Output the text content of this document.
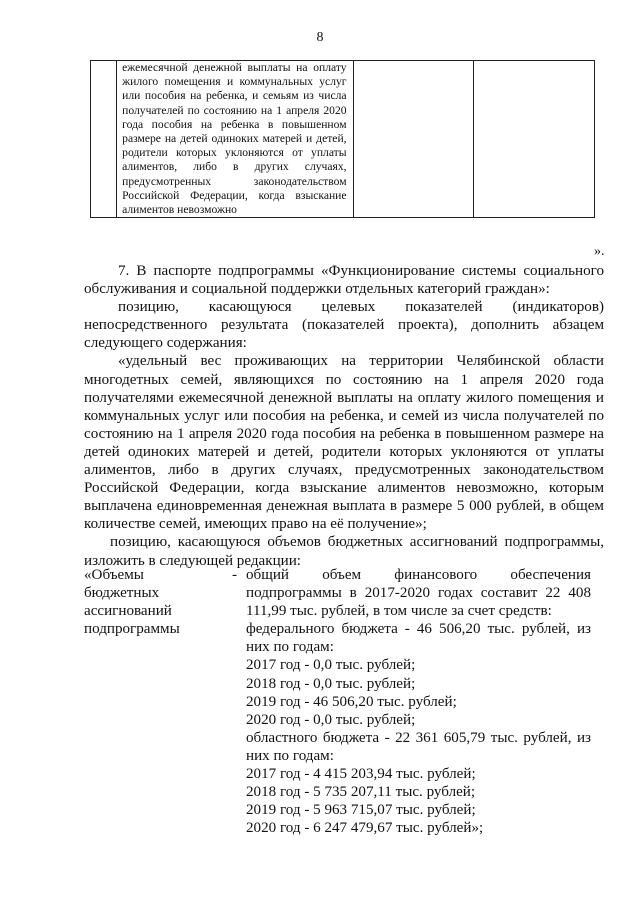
8

ежемесячной денежной выплаты на оплату жилого помещения и коммунальных услуг или пособия на ребенка, и семьям из числа получателей по состоянию на 1 апреля 2020 года пособия на ребенка в повышенном размере на детей одиноких матерей и детей, родители которых уклоняются от уплаты алиментов, либо в других случаях, предусмотренных законодательством Российской Федерации, когда взыскание алиментов невозможно

».

7. В паспорте подпрограммы «Функционирование системы социального обслуживания и социальной поддержки отдельных категорий граждан»:

позицию, касающуюся целевых показателей (индикаторов) непосредственного результата (показателей проекта), дополнить абзацем следующего содержания:

«удельный вес проживающих на территории Челябинской области многодетных семей, являющихся по состоянию на 1 апреля 2020 года получателями ежемесячной денежной выплаты на оплату жилого помещения и коммунальных услуг или пособия на ребенка, и семей из числа получателей по состоянию на 1 апреля 2020 года пособия на ребенка в повышенном размере на детей одиноких матерей и детей, родители которых уклоняются от уплаты алиментов, либо в других случаях, предусмотренных законодательством Российской Федерации, когда взыскание алиментов невозможно, которым выплачена единовременная денежная выплата в размере 5 000 рублей, в общем количестве семей, имеющих право на её получение»;

позицию, касающуюся объемов бюджетных ассигнований подпрограммы, изложить в следующей редакции:

«Объемы
бюджетных
ассигнований
подпрограммы
- общий объем финансового обеспечения подпрограммы в 2017-2020 годах составит 22 408 111,99 тыс. рублей, в том числе за счет средств:

федерального бюджета - 46 506,20 тыс. рублей, из них по годам:

2017 год - 0,0 тыс. рублей;

2018 год - 0,0 тыс. рублей;

2019 год - 46 506,20 тыс. рублей;

2020 год - 0,0 тыс. рублей;

областного бюджета - 22 361 605,79 тыс. рублей, из них по годам:

2017 год - 4 415 203,94 тыс. рублей;

2018 год - 5 735 207,11 тыс. рублей;

2019 год - 5 963 715,07 тыс. рублей;

2020 год - 6 247 479,67 тыс. рублей»;
